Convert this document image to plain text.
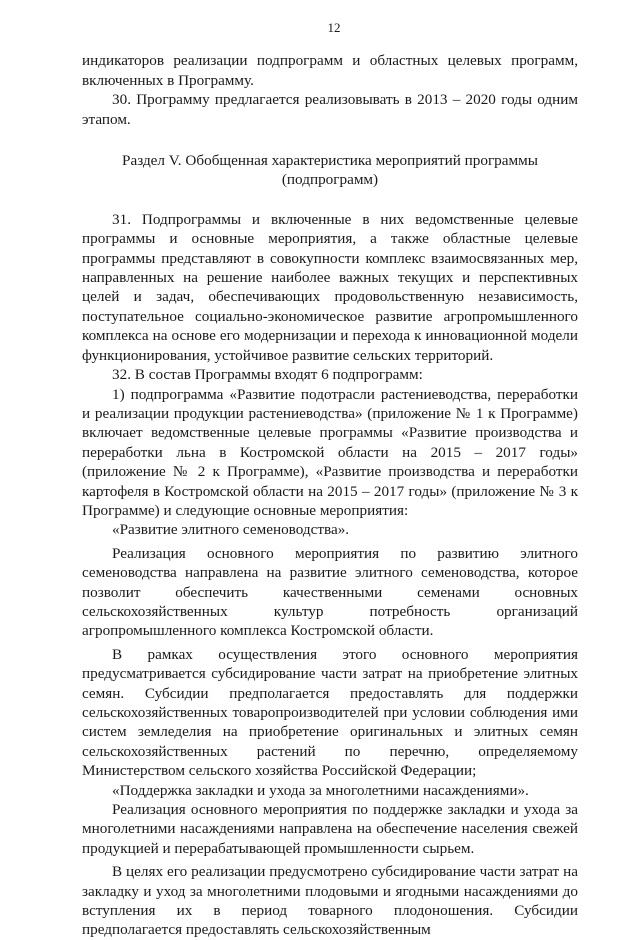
12

индикаторов реализации подпрограмм и областных целевых программ, включенных в Программу.

30. Программу предлагается реализовывать в 2013 – 2020 годы одним этапом.

Раздел V. Обобщенная характеристика мероприятий программы (подпрограмм)

31. Подпрограммы и включенные в них ведомственные целевые программы и основные мероприятия, а также областные целевые программы представляют в совокупности комплекс взаимосвязанных мер, направленных на решение наиболее важных текущих и перспективных целей и задач, обеспечивающих продовольственную независимость, поступательное социально-экономическое развитие агропромышленного комплекса на основе его модернизации и перехода к инновационной модели функционирования, устойчивое развитие сельских территорий.

32. В состав Программы входят 6 подпрограмм:

1) подпрограмма «Развитие подотрасли растениеводства, переработки и реализации продукции растениеводства» (приложение № 1 к Программе) включает ведомственные целевые программы «Развитие производства и переработки льна в Костромской области на 2015 – 2017 годы» (приложение № 2 к Программе), «Развитие производства и переработки картофеля в Костромской области на 2015 – 2017 годы» (приложение № 3 к Программе) и следующие основные мероприятия:

«Развитие элитного семеноводства».

Реализация основного мероприятия по развитию элитного семеноводства направлена на развитие элитного семеноводства, которое позволит обеспечить качественными семенами основных сельскохозяйственных культур потребность организаций агропромышленного комплекса Костромской области.

В рамках осуществления этого основного мероприятия предусматривается субсидирование части затрат на приобретение элитных семян. Субсидии предполагается предоставлять для поддержки сельскохозяйственных товаропроизводителей при условии соблюдения ими систем земледелия на приобретение оригинальных и элитных семян сельскохозяйственных растений по перечню, определяемому Министерством сельского хозяйства Российской Федерации;

«Поддержка закладки и ухода за многолетними насаждениями».

Реализация основного мероприятия по поддержке закладки и ухода за многолетними насаждениями направлена на обеспечение населения свежей продукцией и перерабатывающей промышленности сырьем.

В целях его реализации предусмотрено субсидирование части затрат на закладку и уход за многолетними плодовыми и ягодными насаждениями до вступления их в период товарного плодоношения. Субсидии предполагается предоставлять сельскохозяйственным
